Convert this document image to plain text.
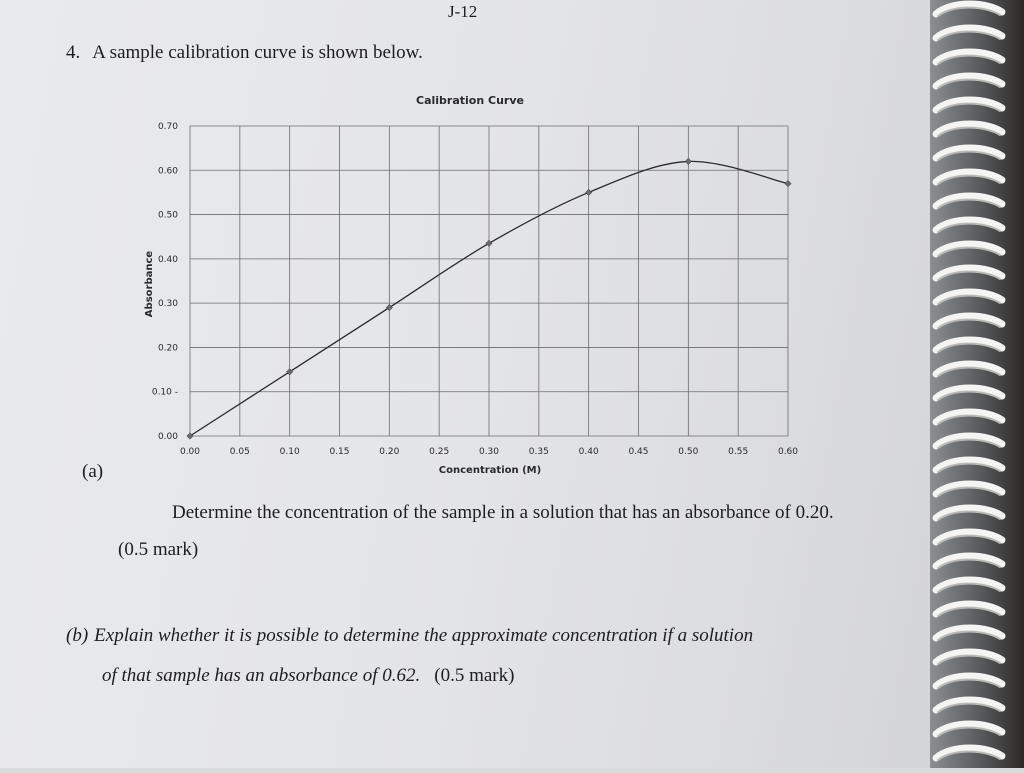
J-12
4. A sample calibration curve is shown below.
Calibration Curve
0.00
0.10 -
0.20
0.30
0.40
0.50
0.60
0.70
0.00	0.05	0.10	0.15	0.20	0.25	0.30	0.35	0.40	0.45	0.50	0.55	0.60
Absorbance
Concentration (M)
(a)
Determine the concentration of the sample in a solution that has an absorbance of 0.20. (0.5 mark)
(b) Explain whether it is possible to determine the approximate concentration if a solution
of that sample has an absorbance of 0.62. (0.5 mark)
